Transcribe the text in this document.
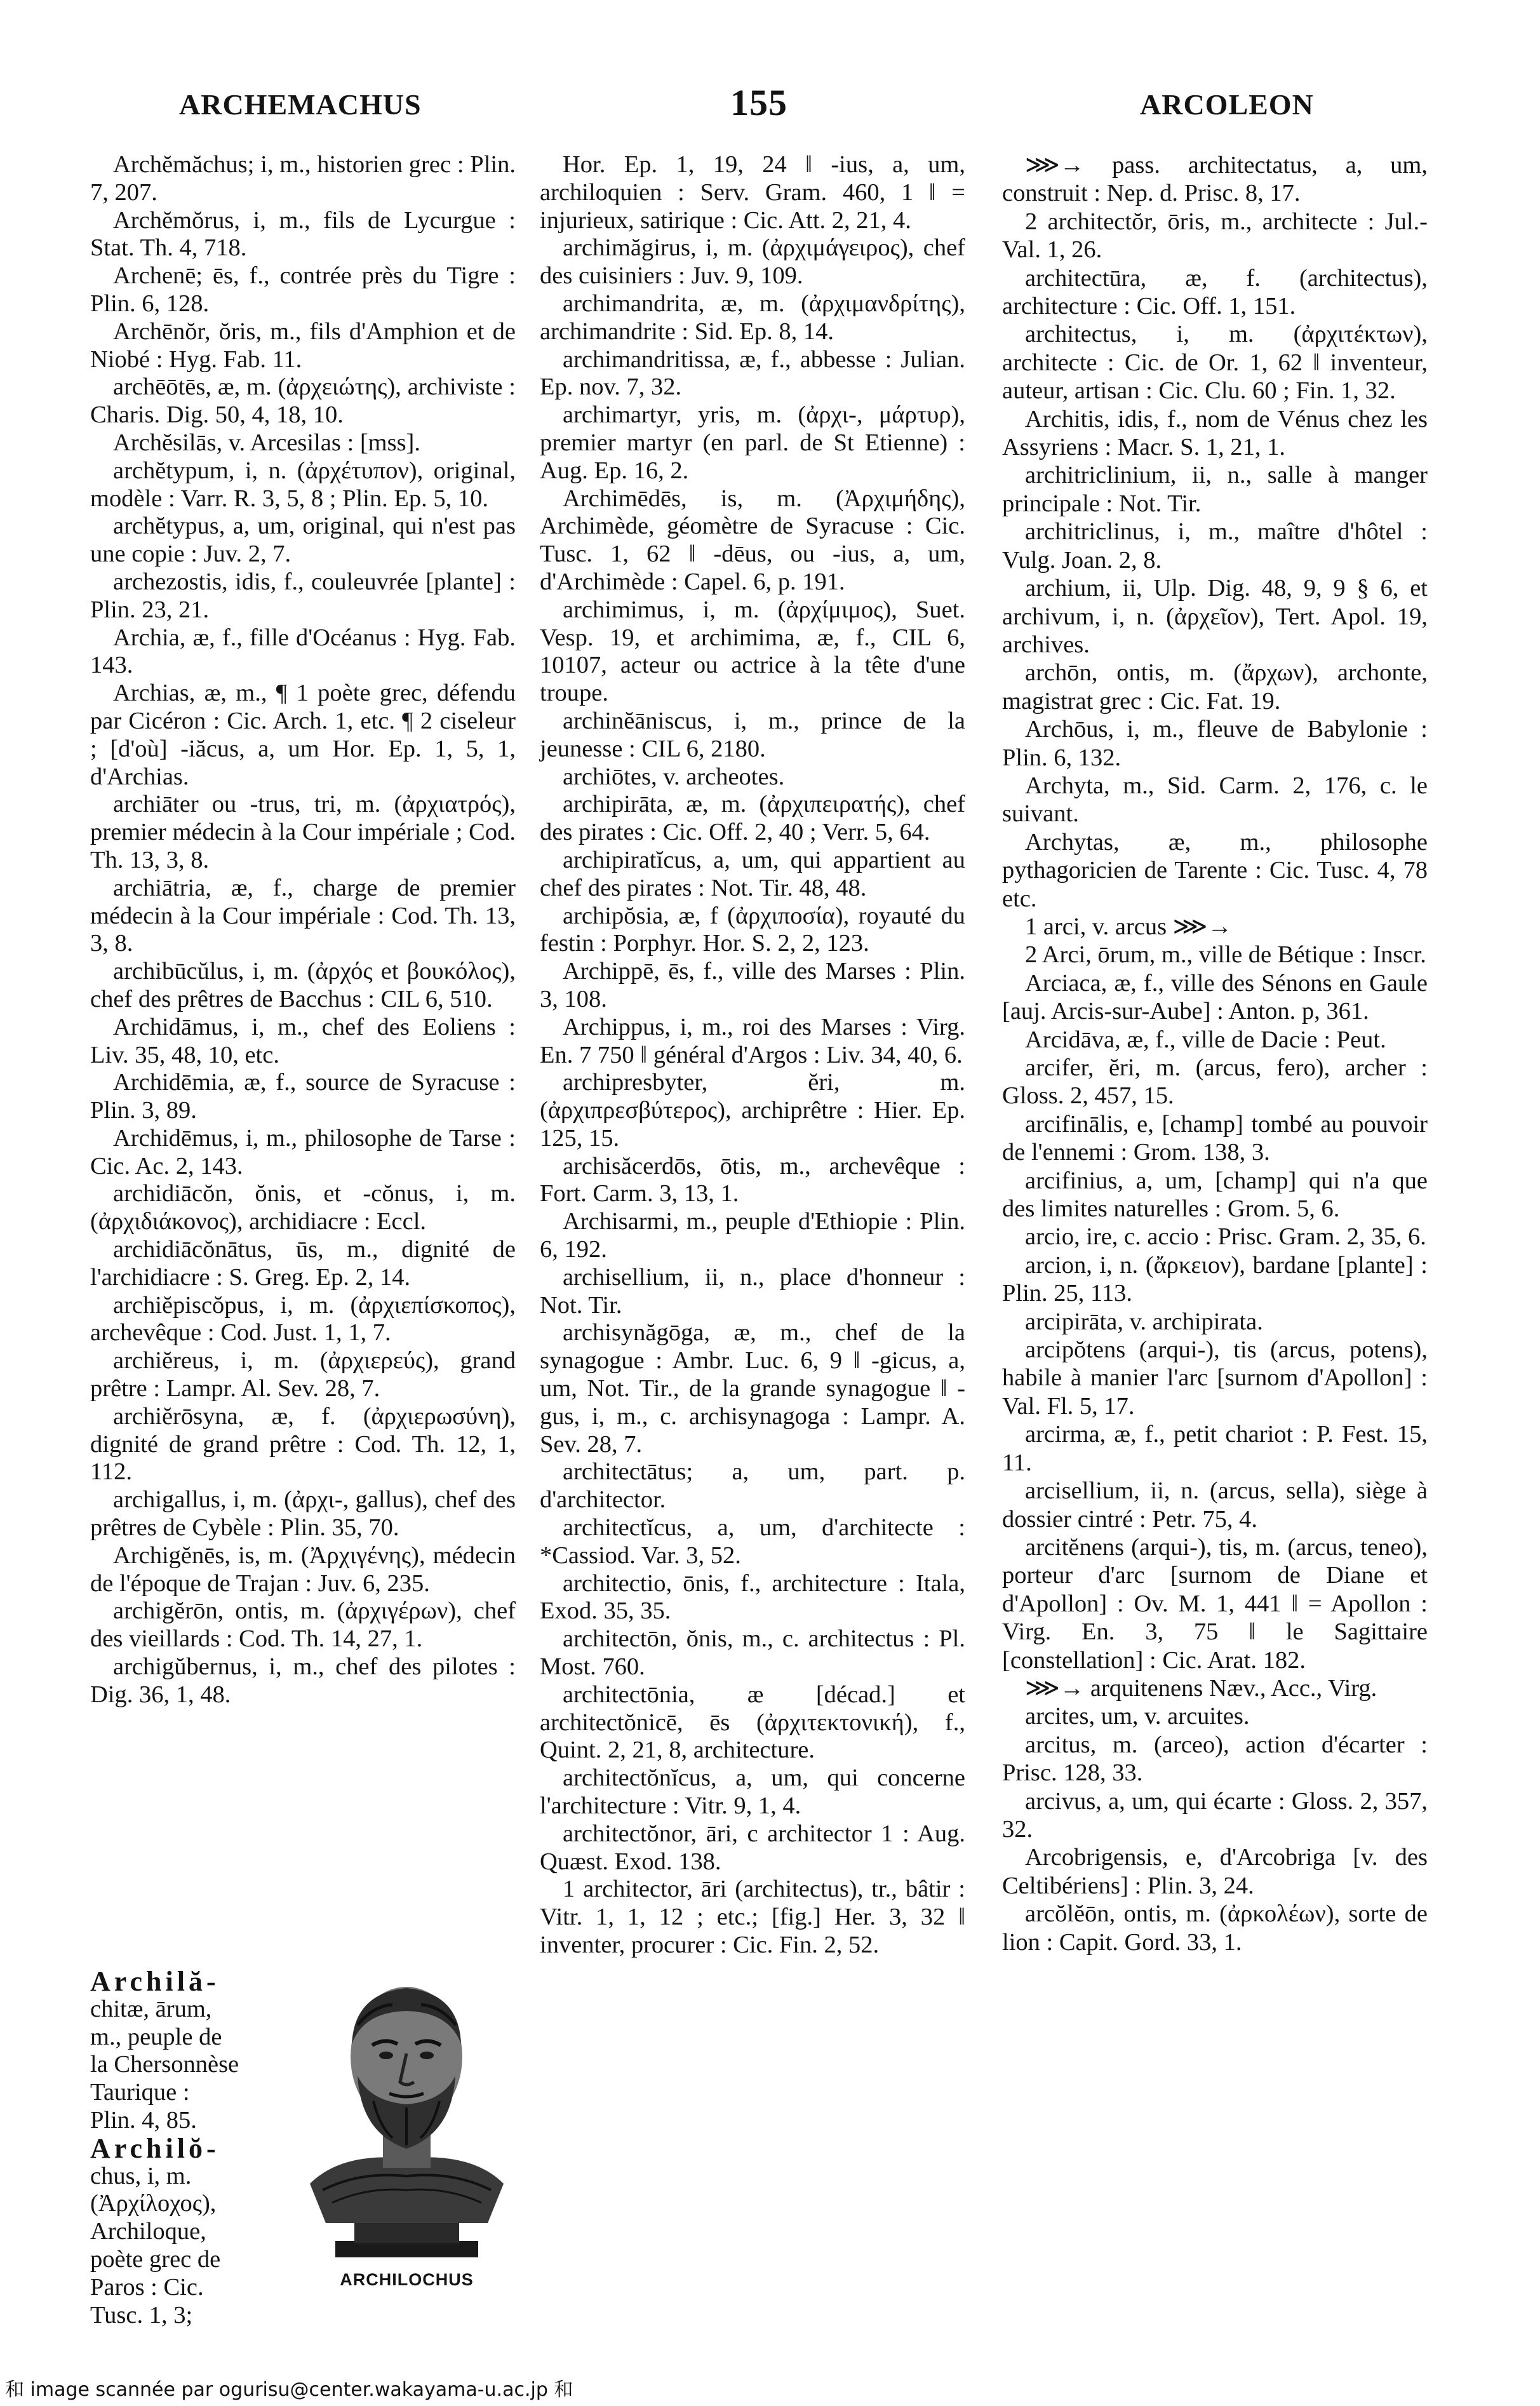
ARCHEMACHUS	155	ARCOLEON

Archĕmăchus; i, m., historien grec : Plin. 7, 207.

Archĕmŏrus, i, m., fils de Lycurgue : Stat. Th. 4, 718.

Archenē; ēs, f., contrée près du Tigre : Plin. 6, 128.

Archēnŏr, ŏris, m., fils d'Amphion et de Niobé : Hyg. Fab. 11.

archēōtēs, æ, m. (ἀρχειώτης), archiviste : Charis. Dig. 50, 4, 18, 10.

Archĕsilās, v. Arcesilas : [mss].

archĕtypum, i, n. (ἀρχέτυπον), original, modèle : Varr. R. 3, 5, 8 ; Plin. Ep. 5, 10.

archĕtypus, a, um, original, qui n'est pas une copie : Juv. 2, 7.

archezostis, idis, f., couleuvrée [plante] : Plin. 23, 21.

Archia, æ, f., fille d'Océanus : Hyg. Fab. 143.

Archias, æ, m., ¶ 1 poète grec, défendu par Cicéron : Cic. Arch. 1, etc. ¶ 2 ciseleur ; [d'où] -iăcus, a, um Hor. Ep. 1, 5, 1, d'Archias.

archiāter ou -trus, tri, m. (ἀρχιατρός), premier médecin à la Cour impériale ; Cod. Th. 13, 3, 8.

archiātria, æ, f., charge de premier médecin à la Cour impériale : Cod. Th. 13, 3, 8.

archibūcŭlus, i, m. (ἀρχός et βουκόλος), chef des prêtres de Bacchus : CIL 6, 510.

Archidāmus, i, m., chef des Eoliens : Liv. 35, 48, 10, etc.

Archidēmia, æ, f., source de Syracuse : Plin. 3, 89.

Archidēmus, i, m., philosophe de Tarse : Cic. Ac. 2, 143.

archidiācŏn, ŏnis, et -cŏnus, i, m. (ἀρχιδιάκονος), archidiacre : Eccl.

archidiācŏnātus, ūs, m., dignité de l'archidiacre : S. Greg. Ep. 2, 14.

archiĕpiscŏpus, i, m. (ἀρχιεπίσκοπος), archevêque : Cod. Just. 1, 1, 7.

archiĕreus, i, m. (ἀρχιερεύς), grand prêtre : Lampr. Al. Sev. 28, 7.

archiĕrōsyna, æ, f. (ἀρχιερωσύνη), dignité de grand prêtre : Cod. Th. 12, 1, 112.

archigallus, i, m. (ἀρχι-, gallus), chef des prêtres de Cybèle : Plin. 35, 70.

Archigĕnēs, is, m. (Ἀρχιγένης), médecin de l'époque de Trajan : Juv. 6, 235.

archigĕrōn, ontis, m. (ἀρχιγέρων), chef des vieillards : Cod. Th. 14, 27, 1.

archigŭbernus, i, m., chef des pilotes : Dig. 36, 1, 48.

Archilă-
chitæ, ārum,
m., peuple de
la Chersonnèse
Taurique :
Plin. 4, 85.
Archilŏ-
chus, i, m.
(Ἀρχίλοχος),
Archiloque,
poète grec de
Paros : Cic.
Tusc. 1, 3;
ARCHILOCHUS

Hor. Ep. 1, 19, 24 ‖ -ius, a, um, archiloquien : Serv. Gram. 460, 1 ‖ = injurieux, satirique : Cic. Att. 2, 21, 4.

archimăgirus, i, m. (ἀρχιμάγειρος), chef des cuisiniers : Juv. 9, 109.

archimandrita, æ, m. (ἀρχιμανδρίτης), archimandrite : Sid. Ep. 8, 14.

archimandritissa, æ, f., abbesse : Julian. Ep. nov. 7, 32.

archimartyr, yris, m. (ἀρχι-, μάρτυρ), premier martyr (en parl. de St Etienne) : Aug. Ep. 16, 2.

Archimēdēs, is, m. (Ἀρχιμήδης), Archimède, géomètre de Syracuse : Cic. Tusc. 1, 62 ‖ -dēus, ou -ius, a, um, d'Archimède : Capel. 6, p. 191.

archimimus, i, m. (ἀρχίμιμος), Suet. Vesp. 19, et archimima, æ, f., CIL 6, 10107, acteur ou actrice à la tête d'une troupe.

archinĕāniscus, i, m., prince de la jeunesse : CIL 6, 2180.

archiōtes, v. archeotes.

archipirāta, æ, m. (ἀρχιπειρατής), chef des pirates : Cic. Off. 2, 40 ; Verr. 5, 64.

archipiratĭcus, a, um, qui appartient au chef des pirates : Not. Tir. 48, 48.

archipŏsia, æ, f (ἀρχιποσία), royauté du festin : Porphyr. Hor. S. 2, 2, 123.

Archippē, ēs, f., ville des Marses : Plin. 3, 108.

Archippus, i, m., roi des Marses : Virg. En. 7 750 ‖ général d'Argos : Liv. 34, 40, 6.

archipresbyter, ĕri, m. (ἀρχιπρεσβύτερος), archiprêtre : Hier. Ep. 125, 15.

archisăcerdōs, ōtis, m., archevêque : Fort. Carm. 3, 13, 1.

Archisarmi, m., peuple d'Ethiopie : Plin. 6, 192.

archisellium, ii, n., place d'honneur : Not. Tir.

archisynăgōga, æ, m., chef de la synagogue : Ambr. Luc. 6, 9 ‖ -gicus, a, um, Not. Tir., de la grande synagogue ‖ -gus, i, m., c. archisynagoga : Lampr. A. Sev. 28, 7.

architectātus; a, um, part. p. d'architector.

architectĭcus, a, um, d'architecte : *Cassiod. Var. 3, 52.

architectio, ōnis, f., architecture : Itala, Exod. 35, 35.

architectōn, ŏnis, m., c. architectus : Pl. Most. 760.

architectōnia, æ [décad.] et architectŏnicē, ēs (ἀρχιτεκτονική), f., Quint. 2, 21, 8, architecture.

architectŏnĭcus, a, um, qui concerne l'architecture : Vitr. 9, 1, 4.

architectŏnor, āri, c architector 1 : Aug. Quæst. Exod. 138.

1 architector, āri (architectus), tr., bâtir : Vitr. 1, 1, 12 ; etc.; [fig.] Her. 3, 32 ‖ inventer, procurer : Cic. Fin. 2, 52.

⋙→ pass. architectatus, a, um, construit : Nep. d. Prisc. 8, 17.

2 architectŏr, ōris, m., architecte : Jul.-Val. 1, 26.

architectūra, æ, f. (architectus), architecture : Cic. Off. 1, 151.

architectus, i, m. (ἀρχιτέκτων), architecte : Cic. de Or. 1, 62 ‖ inventeur, auteur, artisan : Cic. Clu. 60 ; Fin. 1, 32.

Architis, idis, f., nom de Vénus chez les Assyriens : Macr. S. 1, 21, 1.

architriclinium, ii, n., salle à manger principale : Not. Tir.

architriclinus, i, m., maître d'hôtel : Vulg. Joan. 2, 8.

archium, ii, Ulp. Dig. 48, 9, 9 § 6, et archivum, i, n. (ἀρχεῖον), Tert. Apol. 19, archives.

archōn, ontis, m. (ἄρχων), archonte, magistrat grec : Cic. Fat. 19.

Archōus, i, m., fleuve de Babylonie : Plin. 6, 132.

Archyta, m., Sid. Carm. 2, 176, c. le suivant.

Archytas, æ, m., philosophe pythagoricien de Tarente : Cic. Tusc. 4, 78 etc.

1 arci, v. arcus ⋙→

2 Arci, ōrum, m., ville de Bétique : Inscr.

Arciaca, æ, f., ville des Sénons en Gaule [auj. Arcis-sur-Aube] : Anton. p, 361.

Arcidāva, æ, f., ville de Dacie : Peut.

arcifer, ĕri, m. (arcus, fero), archer : Gloss. 2, 457, 15.

arcifinālis, e, [champ] tombé au pouvoir de l'ennemi : Grom. 138, 3.

arcifinius, a, um, [champ] qui n'a que des limites naturelles : Grom. 5, 6.

arcio, ire, c. accio : Prisc. Gram. 2, 35, 6.

arcion, i, n. (ἄρκειον), bardane [plante] : Plin. 25, 113.

arcipirāta, v. archipirata.

arcipŏtens (arqui-), tis (arcus, potens), habile à manier l'arc [surnom d'Apollon] : Val. Fl. 5, 17.

arcirma, æ, f., petit chariot : P. Fest. 15, 11.

arcisellium, ii, n. (arcus, sella), siège à dossier cintré : Petr. 75, 4.

arcitĕnens (arqui-), tis, m. (arcus, teneo), porteur d'arc [surnom de Diane et d'Apollon] : Ov. M. 1, 441 ‖ = Apollon : Virg. En. 3, 75 ‖ le Sagittaire [constellation] : Cic. Arat. 182.

⋙→ arquitenens Næv., Acc., Virg.

arcites, um, v. arcuites.

arcitus, m. (arceo), action d'écarter : Prisc. 128, 33.

arcivus, a, um, qui écarte : Gloss. 2, 357, 32.

Arcobrigensis, e, d'Arcobriga [v. des Celtibériens] : Plin. 3, 24.

arcŏlĕōn, ontis, m. (ἀρκολέων), sorte de lion : Capit. Gord. 33, 1.

和 image scannée par ogurisu@center.wakayama-u.ac.jp 和
